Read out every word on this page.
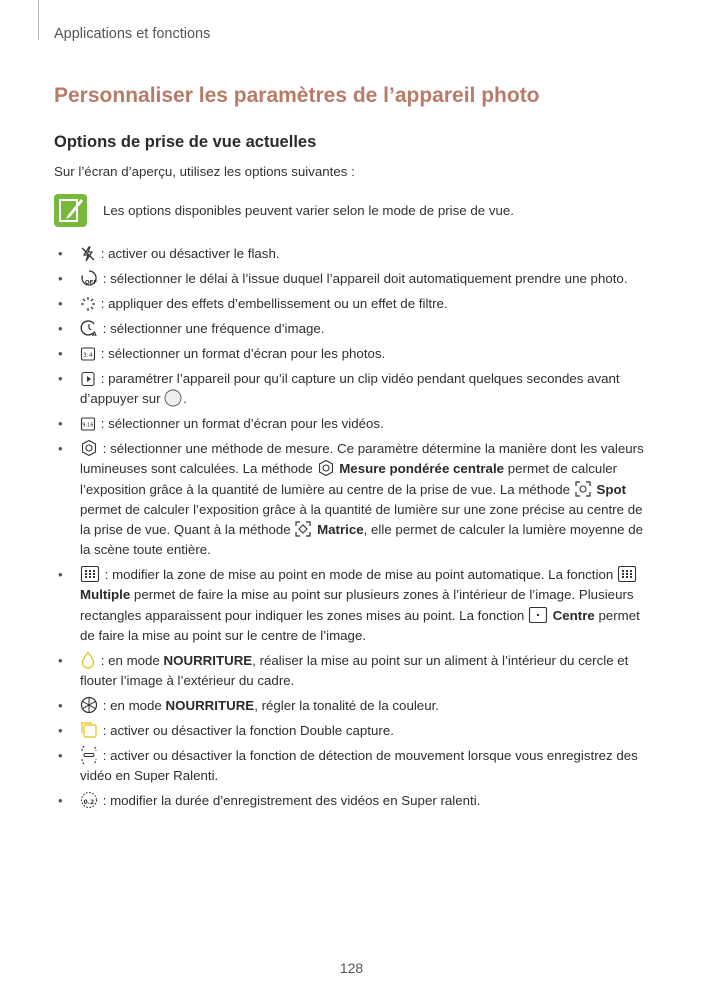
Applications et fonctions
Personnaliser les paramètres de l’appareil photo
Options de prise de vue actuelles

Sur l’écran d’aperçu, utilisez les options suivantes :

Les options disponibles peuvent varier selon le mode de prise de vue.

• : activer ou désactiver le flash.
• OFF : sélectionner le délai à l’issue duquel l’appareil doit automatiquement prendre une photo.
• : appliquer des effets d’embellissement ou un effet de filtre.
• A : sélectionner une fréquence d’image.
• 3:4 : sélectionner un format d’écran pour les photos.
• : paramétrer l’appareil pour qu’il capture un clip vidéo pendant quelques secondes avant d’appuyer sur
.
• 9:16 : sélectionner un format d’écran pour les vidéos.
• : sélectionner une méthode de mesure. Ce paramètre détermine la manière dont les valeurs lumineuses sont calculées. La méthode
Mesure pondérée centrale permet de calculer l’exposition grâce à la quantité de lumière au centre de la prise de vue. La méthode
Spot permet de calculer l’exposition grâce à la quantité de lumière sur une zone précise au centre de la prise de vue. Quant à la méthode
Matrice, elle permet de calculer la lumière moyenne de la scène toute entière.
• : modifier la zone de mise au point en mode de mise au point automatique. La fonction
Multiple permet de faire la mise au point sur plusieurs zones à l’intérieur de l’image. Plusieurs rectangles apparaissent pour indiquer les zones mises au point. La fonction
Centre permet de faire la mise au point sur le centre de l’image.
• : en mode NOURRITURE, réaliser la mise au point sur un aliment à l’intérieur du cercle et flouter l’image à l’extérieur du cadre.
• : en mode NOURRITURE, régler la tonalité de la couleur.
• : activer ou désactiver la fonction Double capture.
• : activer ou désactiver la fonction de détection de mouvement lorsque vous enregistrez des vidéo en Super Ralenti.
• 0.2 : modifier la durée d’enregistrement des vidéos en Super ralenti.
128
